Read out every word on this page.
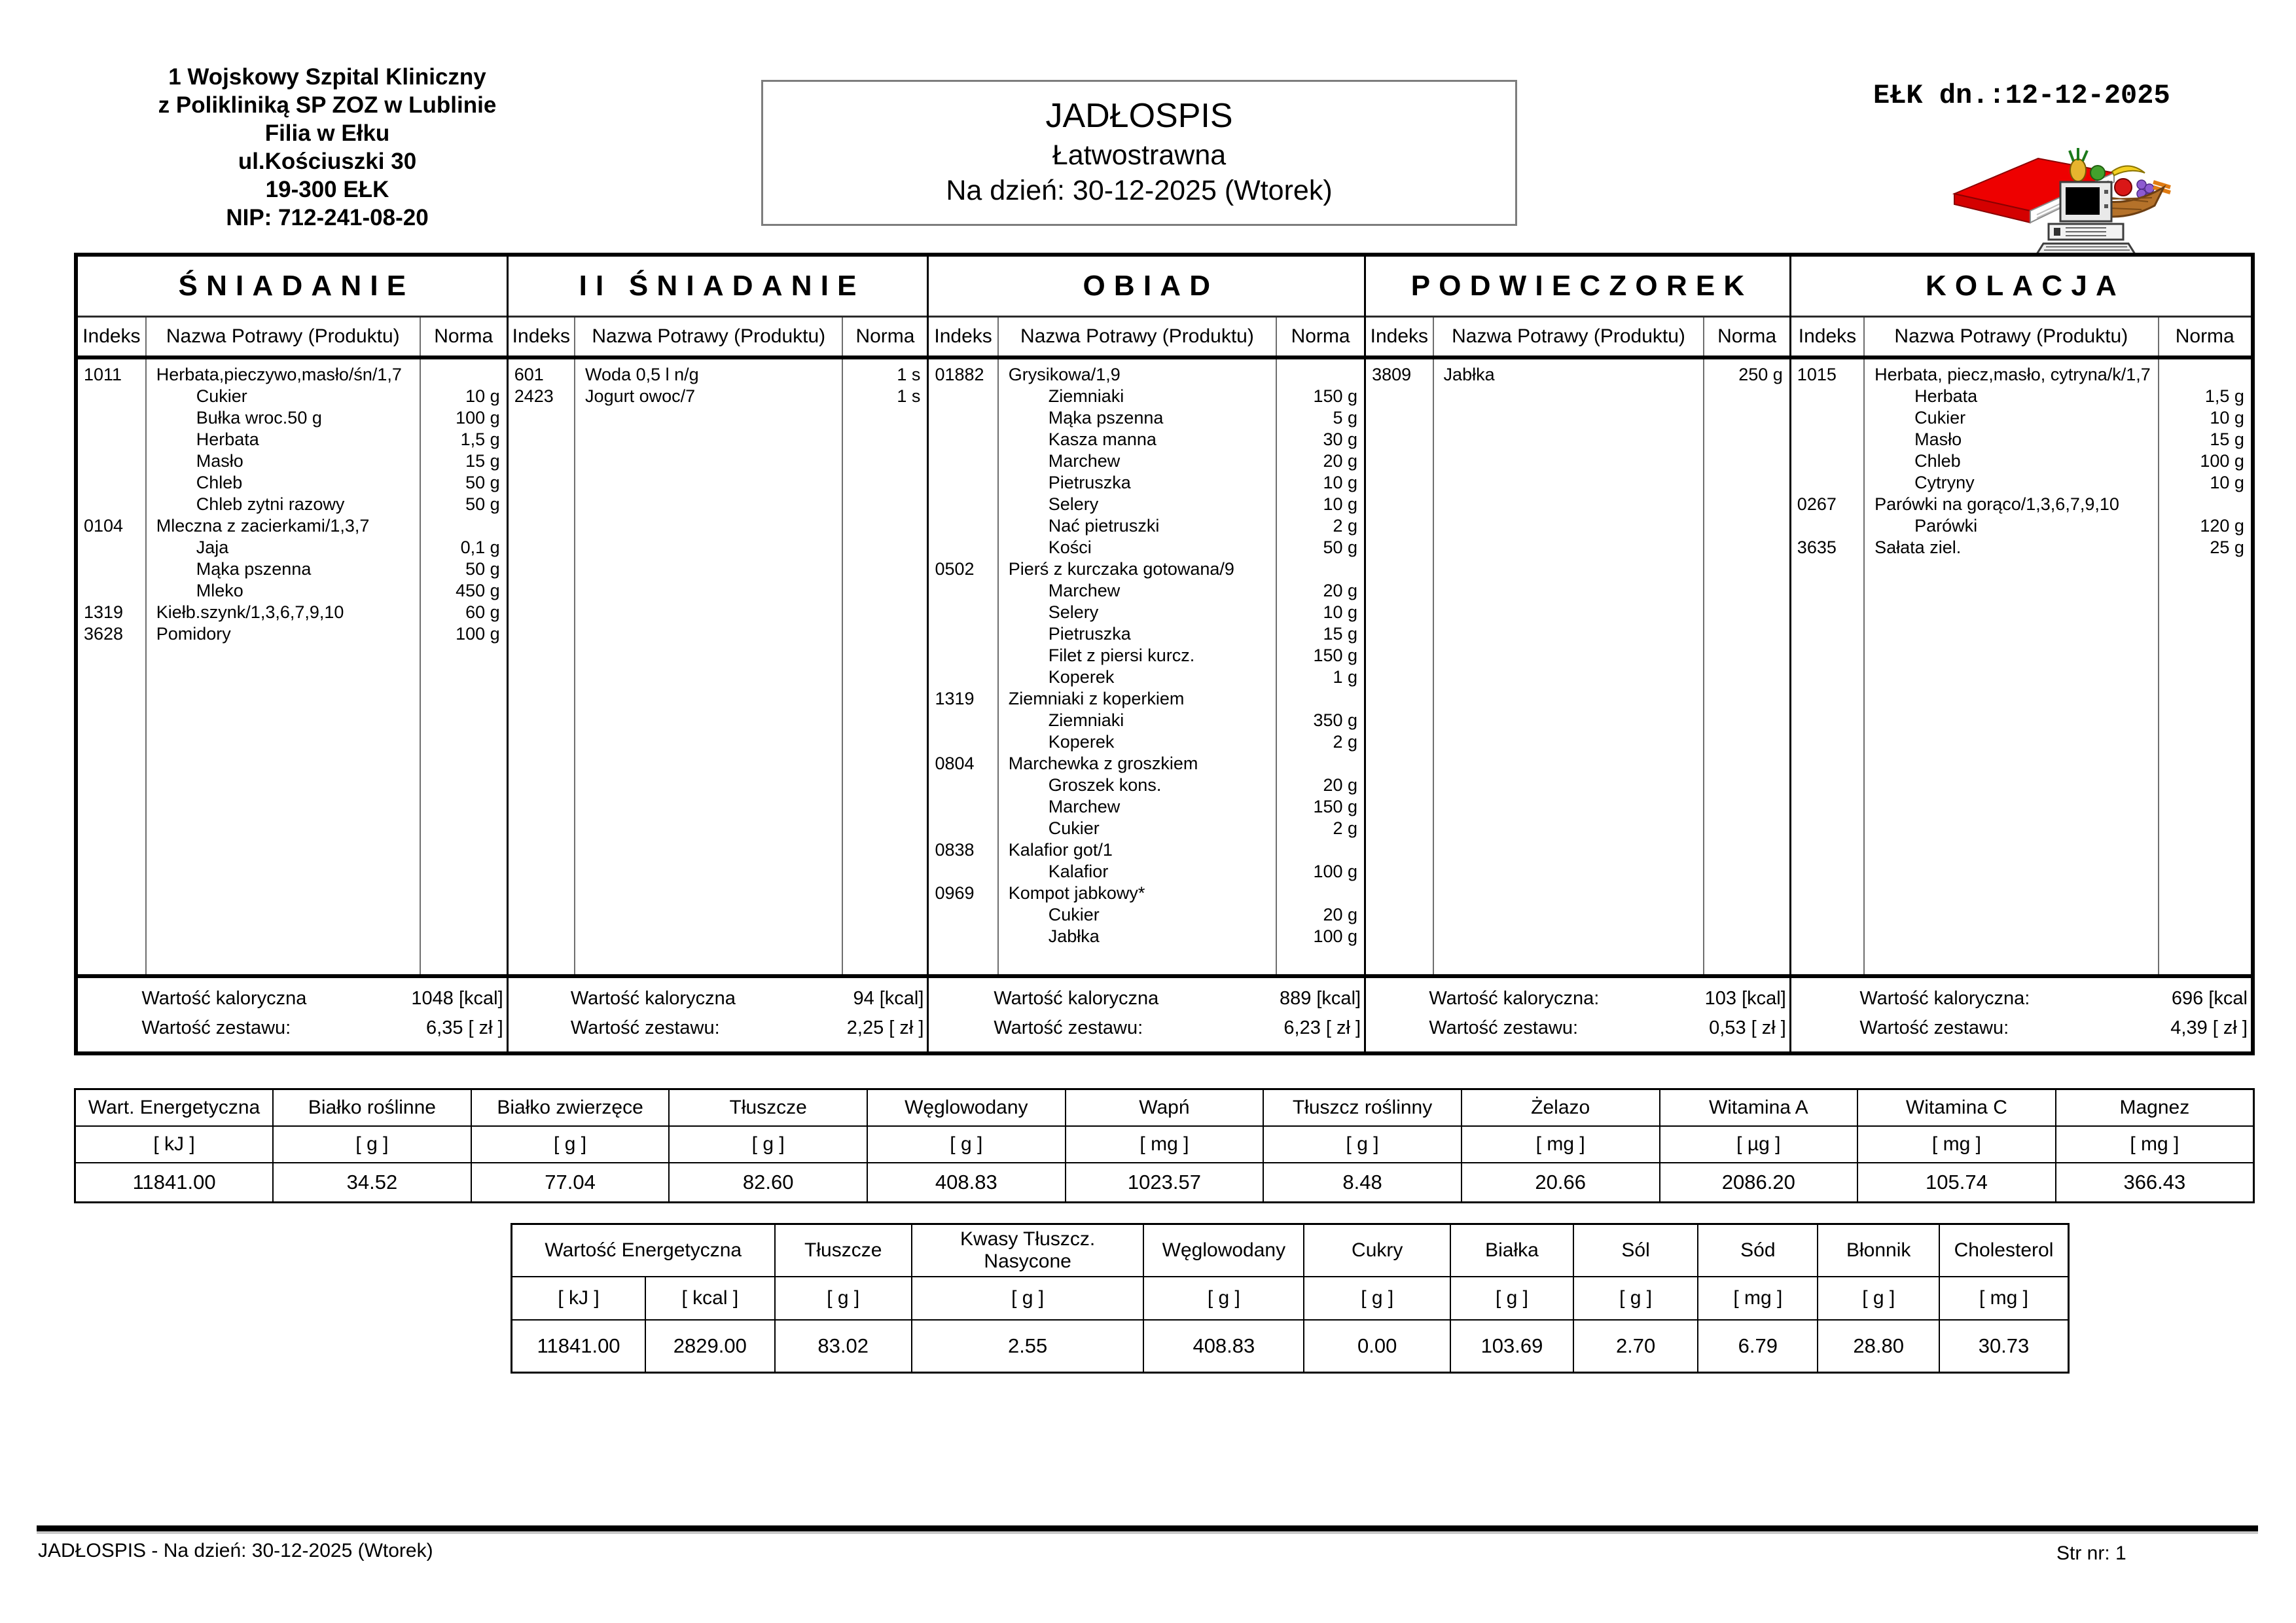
1 Wojskowy Szpital Kliniczny
z Polikliniką SP ZOZ w Lublinie
Filia w Ełku
ul.Kościuszki 30
19-300 EŁK
NIP: 712-241-08-20
JADŁOSPIS
Łatwostrawna
Na dzień: 30-12-2025 (Wtorek)
EŁK dn.:12-12-2025
ŚNIADANIE
Indeks	Nazwa Potrawy (Produktu)	Norma
1011	Herbata,pieczywo,masło/śn/1,7
Cukier	10 g
Bułka wroc.50 g	100 g
Herbata	1,5 g
Masło	15 g
Chleb	50 g
Chleb zytni razowy	50 g
0104	Mleczna z zacierkami/1,3,7
Jaja	0,1 g
Mąka pszenna	50 g
Mleko	450 g
1319	Kiełb.szynk/1,3,6,7,9,10	60 g
3628	Pomidory	100 g
Wartość kaloryczna	1048 [kcal]
Wartość zestawu:	6,35 [ zł ]
II ŚNIADANIE
Indeks	Nazwa Potrawy (Produktu)	Norma
601	Woda 0,5 l n/g	1 s
2423	Jogurt owoc/7	1 s
Wartość kaloryczna	94 [kcal]
Wartość zestawu:	2,25 [ zł ]
OBIAD
Indeks	Nazwa Potrawy (Produktu)	Norma
01882	Grysikowa/1,9
Ziemniaki	150 g
Mąka pszenna	5 g
Kasza manna	30 g
Marchew	20 g
Pietruszka	10 g
Selery	10 g
Nać pietruszki	2 g
Kości	50 g
0502	Pierś z kurczaka gotowana/9
Marchew	20 g
Selery	10 g
Pietruszka	15 g
Filet z piersi kurcz.	150 g
Koperek	1 g
1319	Ziemniaki z koperkiem
Ziemniaki	350 g
Koperek	2 g
0804	Marchewka z groszkiem
Groszek kons.	20 g
Marchew	150 g
Cukier	2 g
0838	Kalafior got/1
Kalafior	100 g
0969	Kompot jabkowy*
Cukier	20 g
Jabłka	100 g
Wartość kaloryczna	889 [kcal]
Wartość zestawu:	6,23 [ zł ]
PODWIECZOREK
Indeks	Nazwa Potrawy (Produktu)	Norma
3809	Jabłka	250 g
Wartość kaloryczna:	103 [kcal]
Wartość zestawu:	0,53 [ zł ]
KOLACJA
Indeks	Nazwa Potrawy (Produktu)	Norma
1015	Herbata, piecz,masło, cytryna/k/1,7
Herbata	1,5 g
Cukier	10 g
Masło	15 g
Chleb	100 g
Cytryny	10 g
0267	Parówki na gorąco/1,3,6,7,9,10
Parówki	120 g
3635	Sałata ziel.	25 g
Wartość kaloryczna:	696 [kcal
Wartość zestawu:	4,39 [ zł ]
Wart. Energetyczna	Białko roślinne	Białko zwierzęce	Tłuszcze	Węglowodany	Wapń	Tłuszcz roślinny	Żelazo	Witamina A	Witamina C	Magnez
[ kJ ]	[ g ]	[ g ]	[ g ]	[ g ]	[ mg ]	[ g ]	[ mg ]	[ µg ]	[ mg ]	[ mg ]
11841.00	34.52	77.04	82.60	408.83	1023.57	8.48	20.66	2086.20	105.74	366.43
Wartość Energetyczna		Tłuszcze	Kwasy Tłuszcz. Nasycone	Węglowodany	Cukry	Białka	Sól	Sód	Błonnik	Cholesterol
[ kJ ]	[ kcal ]	[ g ]	[ g ]	[ g ]	[ g ]	[ g ]	[ g ]	[ mg ]	[ g ]	[ mg ]
11841.00	2829.00	83.02	2.55	408.83	0.00	103.69	2.70	6.79	28.80	30.73
JADŁOSPIS - Na dzień: 30-12-2025 (Wtorek)	Str nr: 1
